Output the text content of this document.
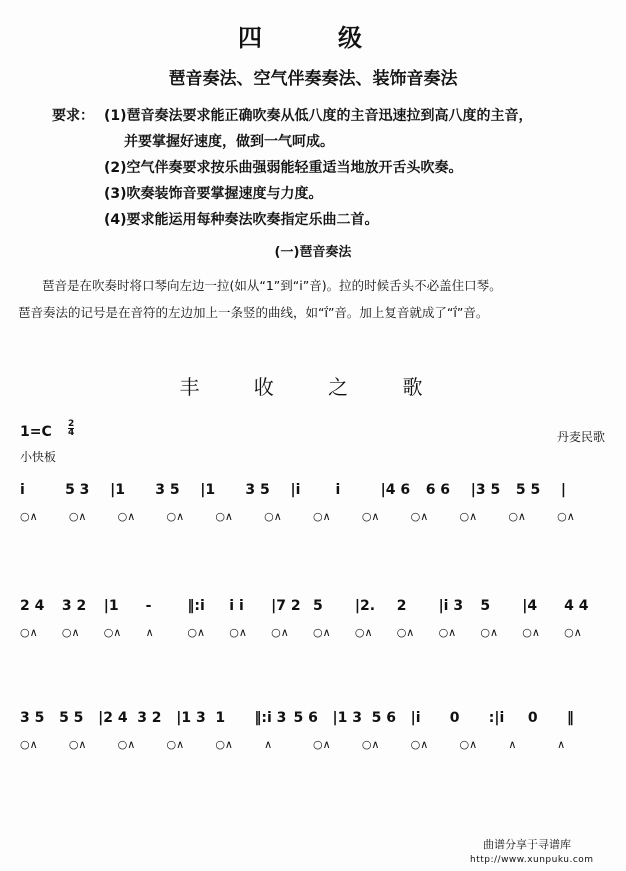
四　级
琶音奏法、空气伴奏奏法、装饰音奏法
要求： (1)琶音奏法要求能正确吹奏从低八度的主音迅速拉到高八度的主音，
并要掌握好速度，做到一气呵成。
(2)空气伴奏要求按乐曲强弱能轻重适当地放开舌头吹奏。
(3)吹奏装饰音要掌握速度与力度。
(4)要求能运用每种奏法吹奏指定乐曲二首。
(一)琶音奏法
琶音是在吹奏时将口琴向左边一拉(如从“1”到“i”音)。拉的时候舌头不必盖住口琴。
琶音奏法的记号是在音符的左边加上一条竖的曲线，如“ḯ”音。加上复音就成了“ḯ”音。
丰 收 之 歌
1=C 2
4	丹麦民歌
小快板
i	5 3 |1 3 5 |1 3 5 |i	i	|4 6 6 6 |3 5 5 5 |
○∧	○∧	○∧	○∧	○∧	○∧	○∧	○∧	○∧	○∧	○∧	○∧
2 4 3 2 |1 -	‖:i i i |7 2 5 |2. 2 |i 3 5 |4 4 4
○∧ ○∧ ○∧ ∧	○∧ ○∧ ○∧ ○∧ ○∧ ○∧ ○∧ ○∧ ○∧ ○∧
3 5 5 5 |2 4 3 2 |1 3 1 ‖:i 3 5 6 |1 3 5 6 |i 0 :|i 0 ‖
○∧	○∧	○∧	○∧	○∧	∧	○∧	○∧	○∧	○∧	∧	∧
曲谱分享于寻谱库
http://www.xunpuku.com
